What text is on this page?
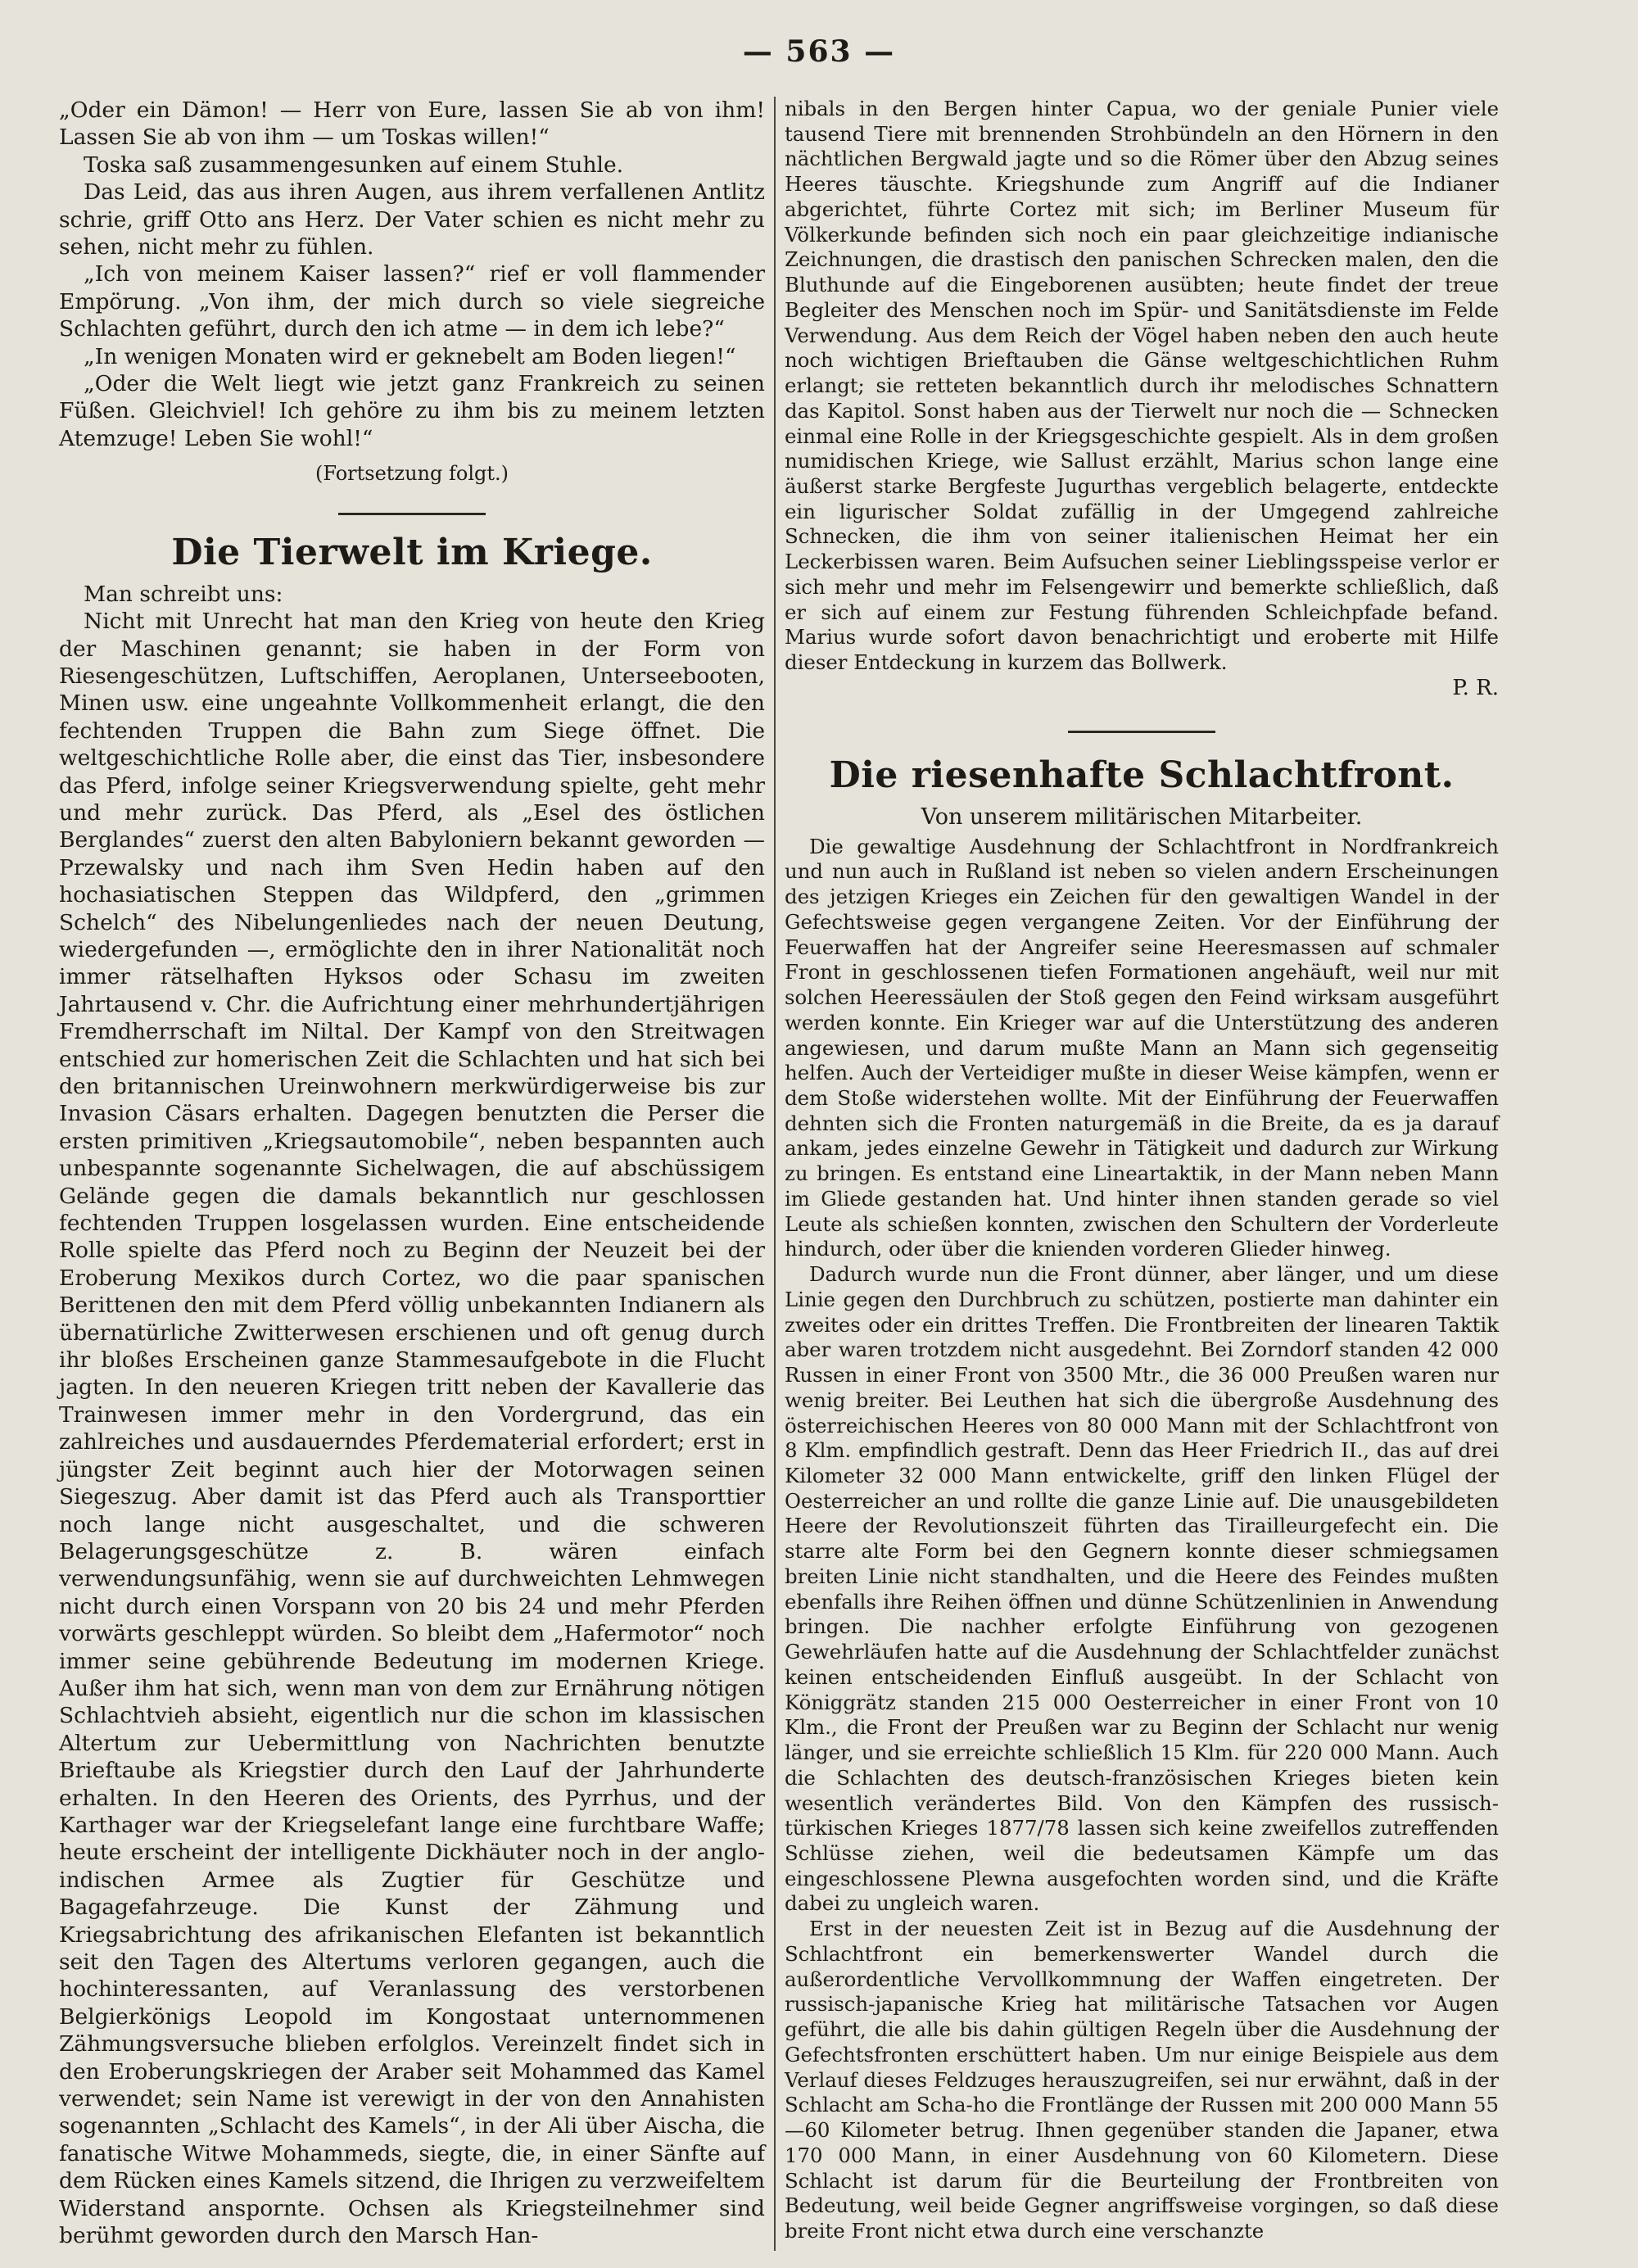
— 563 —

„Oder ein Dämon! — Herr von Eure, lassen Sie ab von ihm! Lassen Sie ab von ihm — um Toskas willen!“

Toska saß zusammengesunken auf einem Stuhle.

Das Leid, das aus ihren Augen, aus ihrem verfallenen Antlitz schrie, griff Otto ans Herz. Der Vater schien es nicht mehr zu sehen, nicht mehr zu fühlen.

„Ich von meinem Kaiser lassen?“ rief er voll flammender Empörung. „Von ihm, der mich durch so viele siegreiche Schlachten geführt, durch den ich atme — in dem ich lebe?“

„In wenigen Monaten wird er geknebelt am Boden liegen!“

„Oder die Welt liegt wie jetzt ganz Frankreich zu seinen Füßen. Gleichviel! Ich gehöre zu ihm bis zu meinem letzten Atemzuge! Leben Sie wohl!“

(Fortsetzung folgt.)
Die Tierwelt im Kriege.

Man schreibt uns:

Nicht mit Unrecht hat man den Krieg von heute den Krieg der Maschinen genannt; sie haben in der Form von Riesengeschützen, Luftschiffen, Aeroplanen, Unterseebooten, Minen usw. eine ungeahnte Vollkommenheit erlangt, die den fechtenden Truppen die Bahn zum Siege öffnet. Die weltgeschichtliche Rolle aber, die einst das Tier, insbesondere das Pferd, infolge seiner Kriegsverwendung spielte, geht mehr und mehr zurück. Das Pferd, als „Esel des östlichen Berglandes“ zuerst den alten Babyloniern bekannt geworden — Przewalsky und nach ihm Sven Hedin haben auf den hochasiatischen Steppen das Wildpferd, den „grimmen Schelch“ des Nibelungenliedes nach der neuen Deutung, wiedergefunden —, ermöglichte den in ihrer Nationalität noch immer rätselhaften Hyksos oder Schasu im zweiten Jahrtausend v. Chr. die Aufrichtung einer mehrhundertjährigen Fremdherrschaft im Niltal. Der Kampf von den Streitwagen entschied zur homerischen Zeit die Schlachten und hat sich bei den britannischen Ureinwohnern merkwürdigerweise bis zur Invasion Cäsars erhalten. Dagegen benutzten die Perser die ersten primitiven „Kriegsautomobile“, neben bespannten auch unbespannte sogenannte Sichelwagen, die auf abschüssigem Gelände gegen die damals bekanntlich nur geschlossen fechtenden Truppen losgelassen wurden. Eine entscheidende Rolle spielte das Pferd noch zu Beginn der Neuzeit bei der Eroberung Mexikos durch Cortez, wo die paar spanischen Berittenen den mit dem Pferd völlig unbekannten Indianern als übernatürliche Zwitterwesen erschienen und oft genug durch ihr bloßes Erscheinen ganze Stammesaufgebote in die Flucht jagten. In den neueren Kriegen tritt neben der Kavallerie das Trainwesen immer mehr in den Vordergrund, das ein zahlreiches und ausdauerndes Pferdematerial erfordert; erst in jüngster Zeit beginnt auch hier der Motorwagen seinen Siegeszug. Aber damit ist das Pferd auch als Transporttier noch lange nicht ausgeschaltet, und die schweren Belagerungsgeschütze z. B. wären einfach verwendungsunfähig, wenn sie auf durchweichten Lehmwegen nicht durch einen Vorspann von 20 bis 24 und mehr Pferden vorwärts geschleppt würden. So bleibt dem „Hafermotor“ noch immer seine gebührende Bedeutung im modernen Kriege. Außer ihm hat sich, wenn man von dem zur Ernährung nötigen Schlachtvieh absieht, eigentlich nur die schon im klassischen Altertum zur Uebermittlung von Nachrichten benutzte Brieftaube als Kriegstier durch den Lauf der Jahrhunderte erhalten. In den Heeren des Orients, des Pyrrhus, und der Karthager war der Kriegselefant lange eine furchtbare Waffe; heute erscheint der intelligente Dickhäuter noch in der anglo-indischen Armee als Zugtier für Geschütze und Bagagefahrzeuge. Die Kunst der Zähmung und Kriegsabrichtung des afrikanischen Elefanten ist bekanntlich seit den Tagen des Altertums verloren gegangen, auch die hochinteressanten, auf Veranlassung des verstorbenen Belgierkönigs Leopold im Kongostaat unternommenen Zähmungsversuche blieben erfolglos. Vereinzelt findet sich in den Eroberungskriegen der Araber seit Mohammed das Kamel verwendet; sein Name ist verewigt in der von den Annahisten sogenannten „Schlacht des Kamels“, in der Ali über Aischa, die fanatische Witwe Mohammeds, siegte, die, in einer Sänfte auf dem Rücken eines Kamels sitzend, die Ihrigen zu verzweifeltem Widerstand anspornte. Ochsen als Kriegsteilnehmer sind berühmt geworden durch den Marsch Han-

nibals in den Bergen hinter Capua, wo der geniale Punier viele tausend Tiere mit brennenden Strohbündeln an den Hörnern in den nächtlichen Bergwald jagte und so die Römer über den Abzug seines Heeres täuschte. Kriegshunde zum Angriff auf die Indianer abgerichtet, führte Cortez mit sich; im Berliner Museum für Völkerkunde befinden sich noch ein paar gleichzeitige indianische Zeichnungen, die drastisch den panischen Schrecken malen, den die Bluthunde auf die Eingeborenen ausübten; heute findet der treue Begleiter des Menschen noch im Spür- und Sanitätsdienste im Felde Verwendung. Aus dem Reich der Vögel haben neben den auch heute noch wichtigen Brieftauben die Gänse weltgeschichtlichen Ruhm erlangt; sie retteten bekanntlich durch ihr melodisches Schnattern das Kapitol. Sonst haben aus der Tierwelt nur noch die — Schnecken einmal eine Rolle in der Kriegsgeschichte gespielt. Als in dem großen numidischen Kriege, wie Sallust erzählt, Marius schon lange eine äußerst starke Bergfeste Jugurthas vergeblich belagerte, entdeckte ein ligurischer Soldat zufällig in der Umgegend zahlreiche Schnecken, die ihm von seiner italienischen Heimat her ein Leckerbissen waren. Beim Aufsuchen seiner Lieblingsspeise verlor er sich mehr und mehr im Felsengewirr und bemerkte schließlich, daß er sich auf einem zur Festung führenden Schleichpfade befand. Marius wurde sofort davon benachrichtigt und eroberte mit Hilfe dieser Entdeckung in kurzem das Bollwerk.

P. R.
Die riesenhafte Schlachtfront.
Von unserem militärischen Mitarbeiter.

Die gewaltige Ausdehnung der Schlachtfront in Nordfrankreich und nun auch in Rußland ist neben so vielen andern Erscheinungen des jetzigen Krieges ein Zeichen für den gewaltigen Wandel in der Gefechtsweise gegen vergangene Zeiten. Vor der Einführung der Feuerwaffen hat der Angreifer seine Heeresmassen auf schmaler Front in geschlossenen tiefen Formationen angehäuft, weil nur mit solchen Heeressäulen der Stoß gegen den Feind wirksam ausgeführt werden konnte. Ein Krieger war auf die Unterstützung des anderen angewiesen, und darum mußte Mann an Mann sich gegenseitig helfen. Auch der Verteidiger mußte in dieser Weise kämpfen, wenn er dem Stoße widerstehen wollte. Mit der Einführung der Feuerwaffen dehnten sich die Fronten naturgemäß in die Breite, da es ja darauf ankam, jedes einzelne Gewehr in Tätigkeit und dadurch zur Wirkung zu bringen. Es entstand eine Lineartaktik, in der Mann neben Mann im Gliede gestanden hat. Und hinter ihnen standen gerade so viel Leute als schießen konnten, zwischen den Schultern der Vorderleute hindurch, oder über die knienden vorderen Glieder hinweg.

Dadurch wurde nun die Front dünner, aber länger, und um diese Linie gegen den Durchbruch zu schützen, postierte man dahinter ein zweites oder ein drittes Treffen. Die Frontbreiten der linearen Taktik aber waren trotzdem nicht ausgedehnt. Bei Zorndorf standen 42 000 Russen in einer Front von 3500 Mtr., die 36 000 Preußen waren nur wenig breiter. Bei Leuthen hat sich die übergroße Ausdehnung des österreichischen Heeres von 80 000 Mann mit der Schlachtfront von 8 Klm. empfindlich gestraft. Denn das Heer Friedrich II., das auf drei Kilometer 32 000 Mann entwickelte, griff den linken Flügel der Oesterreicher an und rollte die ganze Linie auf. Die unausgebildeten Heere der Revolutionszeit führten das Tirailleurgefecht ein. Die starre alte Form bei den Gegnern konnte dieser schmiegsamen breiten Linie nicht standhalten, und die Heere des Feindes mußten ebenfalls ihre Reihen öffnen und dünne Schützenlinien in Anwendung bringen. Die nachher erfolgte Einführung von gezogenen Gewehrläufen hatte auf die Ausdehnung der Schlachtfelder zunächst keinen entscheidenden Einfluß ausgeübt. In der Schlacht von Königgrätz standen 215 000 Oesterreicher in einer Front von 10 Klm., die Front der Preußen war zu Beginn der Schlacht nur wenig länger, und sie erreichte schließlich 15 Klm. für 220 000 Mann. Auch die Schlachten des deutsch-französischen Krieges bieten kein wesentlich verändertes Bild. Von den Kämpfen des russisch-türkischen Krieges 1877/78 lassen sich keine zweifellos zutreffenden Schlüsse ziehen, weil die bedeutsamen Kämpfe um das eingeschlossene Plewna ausgefochten worden sind, und die Kräfte dabei zu ungleich waren.

Erst in der neuesten Zeit ist in Bezug auf die Ausdehnung der Schlachtfront ein bemerkenswerter Wandel durch die außerordentliche Vervollkommnung der Waffen eingetreten. Der russisch-japanische Krieg hat militärische Tatsachen vor Augen geführt, die alle bis dahin gültigen Regeln über die Ausdehnung der Gefechtsfronten erschüttert haben. Um nur einige Beispiele aus dem Verlauf dieses Feldzuges herauszugreifen, sei nur erwähnt, daß in der Schlacht am Scha-ho die Frontlänge der Russen mit 200 000 Mann 55—60 Kilometer betrug. Ihnen gegenüber standen die Japaner, etwa 170 000 Mann, in einer Ausdehnung von 60 Kilometern. Diese Schlacht ist darum für die Beurteilung der Frontbreiten von Bedeutung, weil beide Gegner angriffsweise vorgingen, so daß diese breite Front nicht etwa durch eine verschanzte
